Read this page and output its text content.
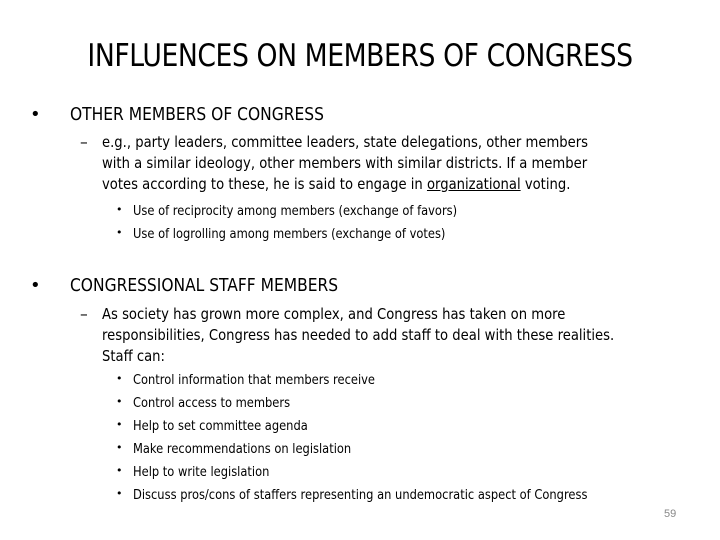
INFLUENCES ON MEMBERS OF CONGRESS
• OTHER MEMBERS OF CONGRESS
– e.g., party leaders, committee leaders, state delegations, other members
with a similar ideology, other members with similar districts. If a member
votes according to these, he is said to engage in organizational voting.
• Use of reciprocity among members (exchange of favors)
• Use of logrolling among members (exchange of votes)
• CONGRESSIONAL STAFF MEMBERS
– As society has grown more complex, and Congress has taken on more
responsibilities, Congress has needed to add staff to deal with these realities.
Staff can:
• Control information that members receive
• Control access to members
• Help to set committee agenda
• Make recommendations on legislation
• Help to write legislation
• Discuss pros/cons of staffers representing an undemocratic aspect of Congress
59
